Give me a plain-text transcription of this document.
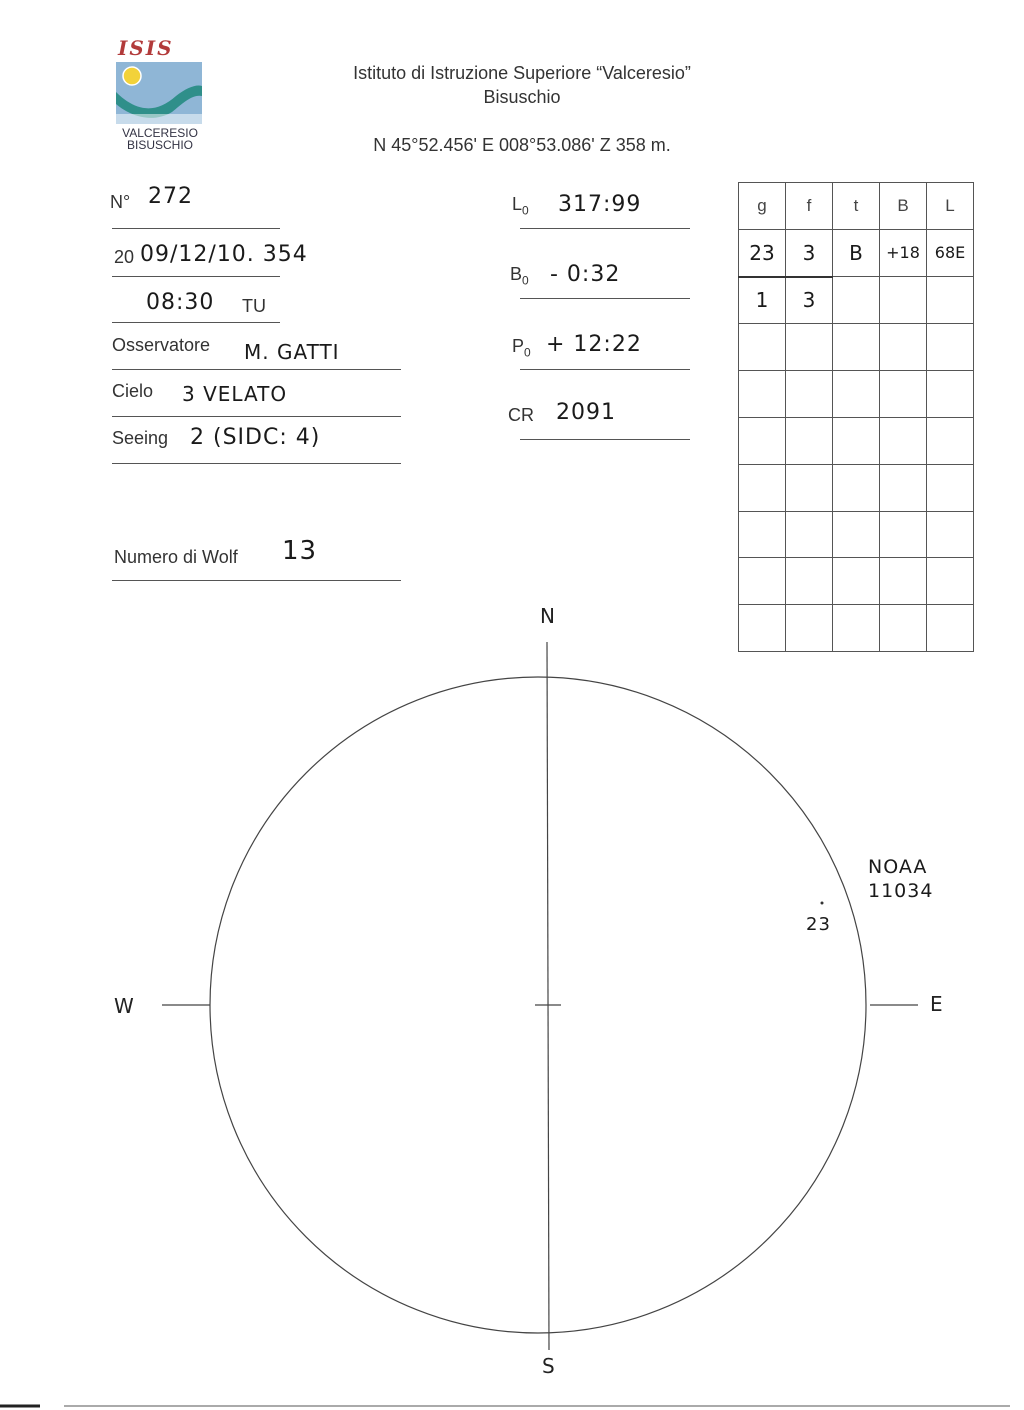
ISIS
VALCERESIO
BISUSCHIO
Istituto di Istruzione Superiore “Valceresio”
Bisuschio
N 45°52.456' E 008°53.086' Z 358 m.
N° 272
20 09/12/10. 354
08:30 TU
Osservatore M. GATTI
Cielo 3 VELATO
Seeing 2 (SIDC: 4)
Numero di Wolf 13
$L_0$ 317:99
$B_0$ - 0:32
$P_0$ + 12:22
CR 2091
g	f	t	B	L
23	3	B	+18	68E
1	3			

N
S
W	E
NOAA
11034
23
